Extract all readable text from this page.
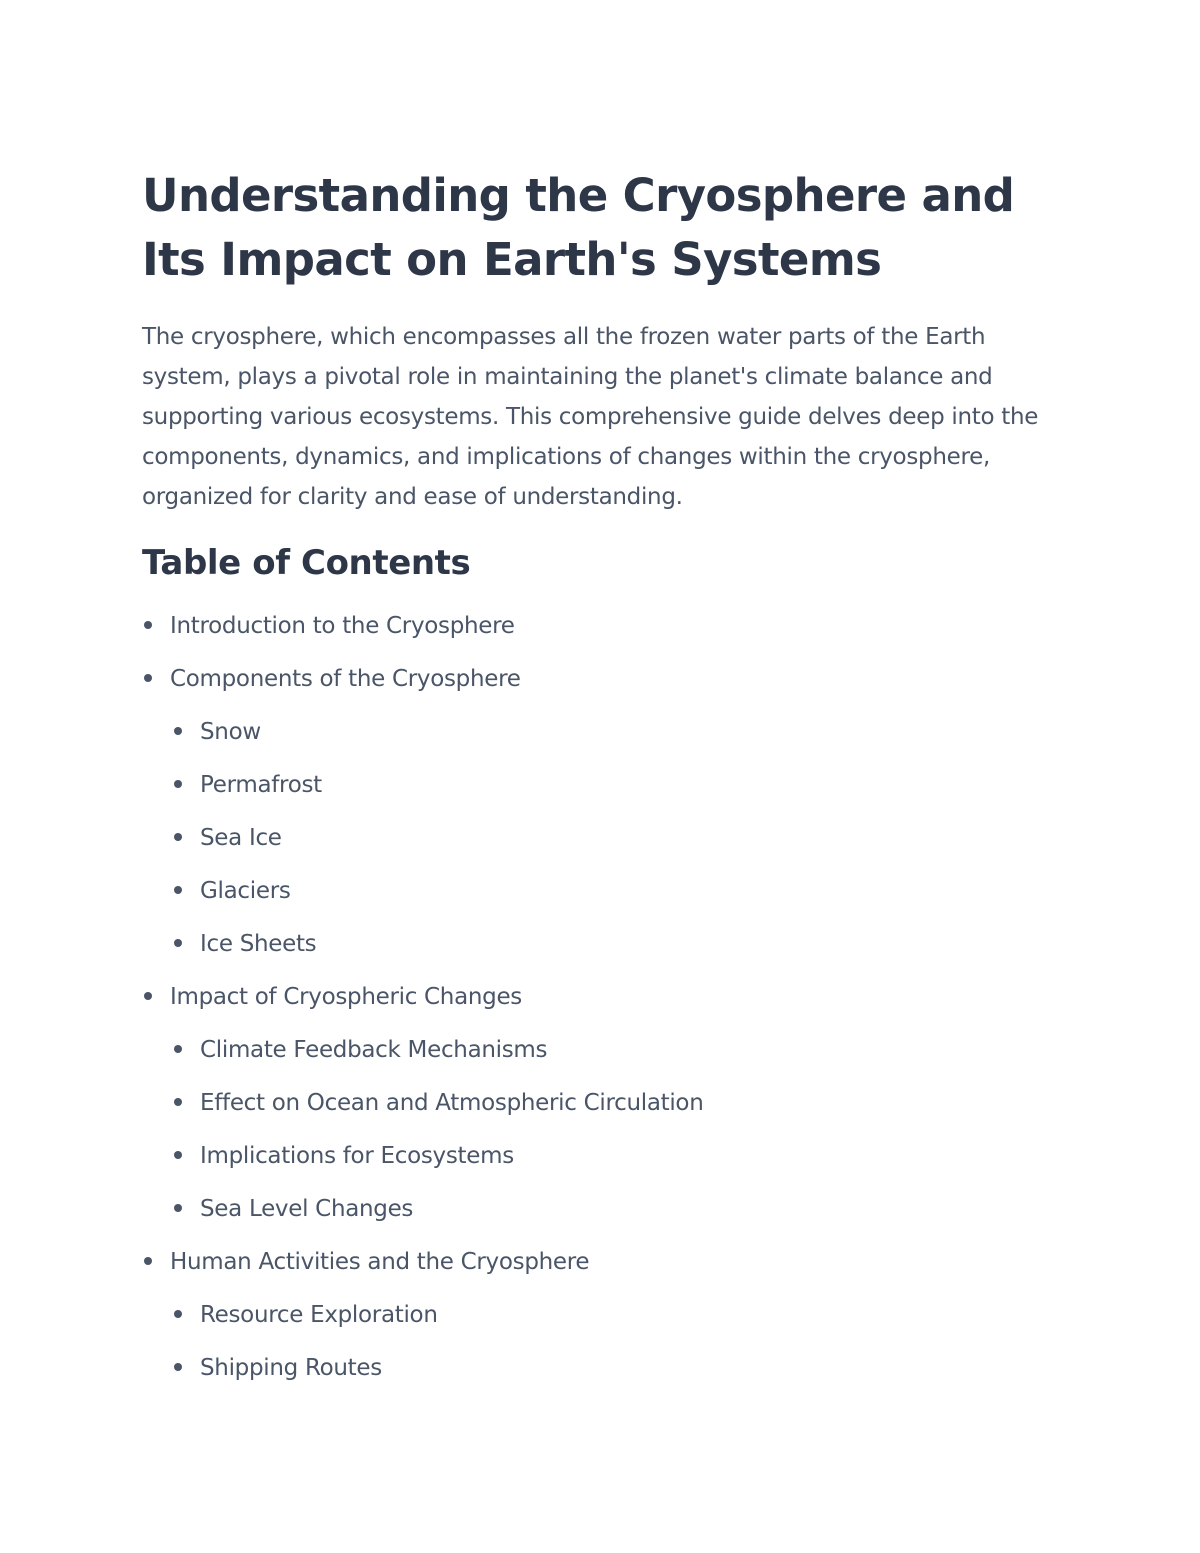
Understanding the Cryosphere and Its Impact on Earth's Systems

The cryosphere, which encompasses all the frozen water parts of the Earth system, plays a pivotal role in maintaining the planet's climate balance and supporting various ecosystems. This comprehensive guide delves deep into the components, dynamics, and implications of changes within the cryosphere, organized for clarity and ease of understanding.

Table of Contents
Introduction to the Cryosphere
Components of the Cryosphere
Snow
Permafrost
Sea Ice
Glaciers
Ice Sheets
Impact of Cryospheric Changes
Climate Feedback Mechanisms
Effect on Ocean and Atmospheric Circulation
Implications for Ecosystems
Sea Level Changes
Human Activities and the Cryosphere
Resource Exploration
Shipping Routes
